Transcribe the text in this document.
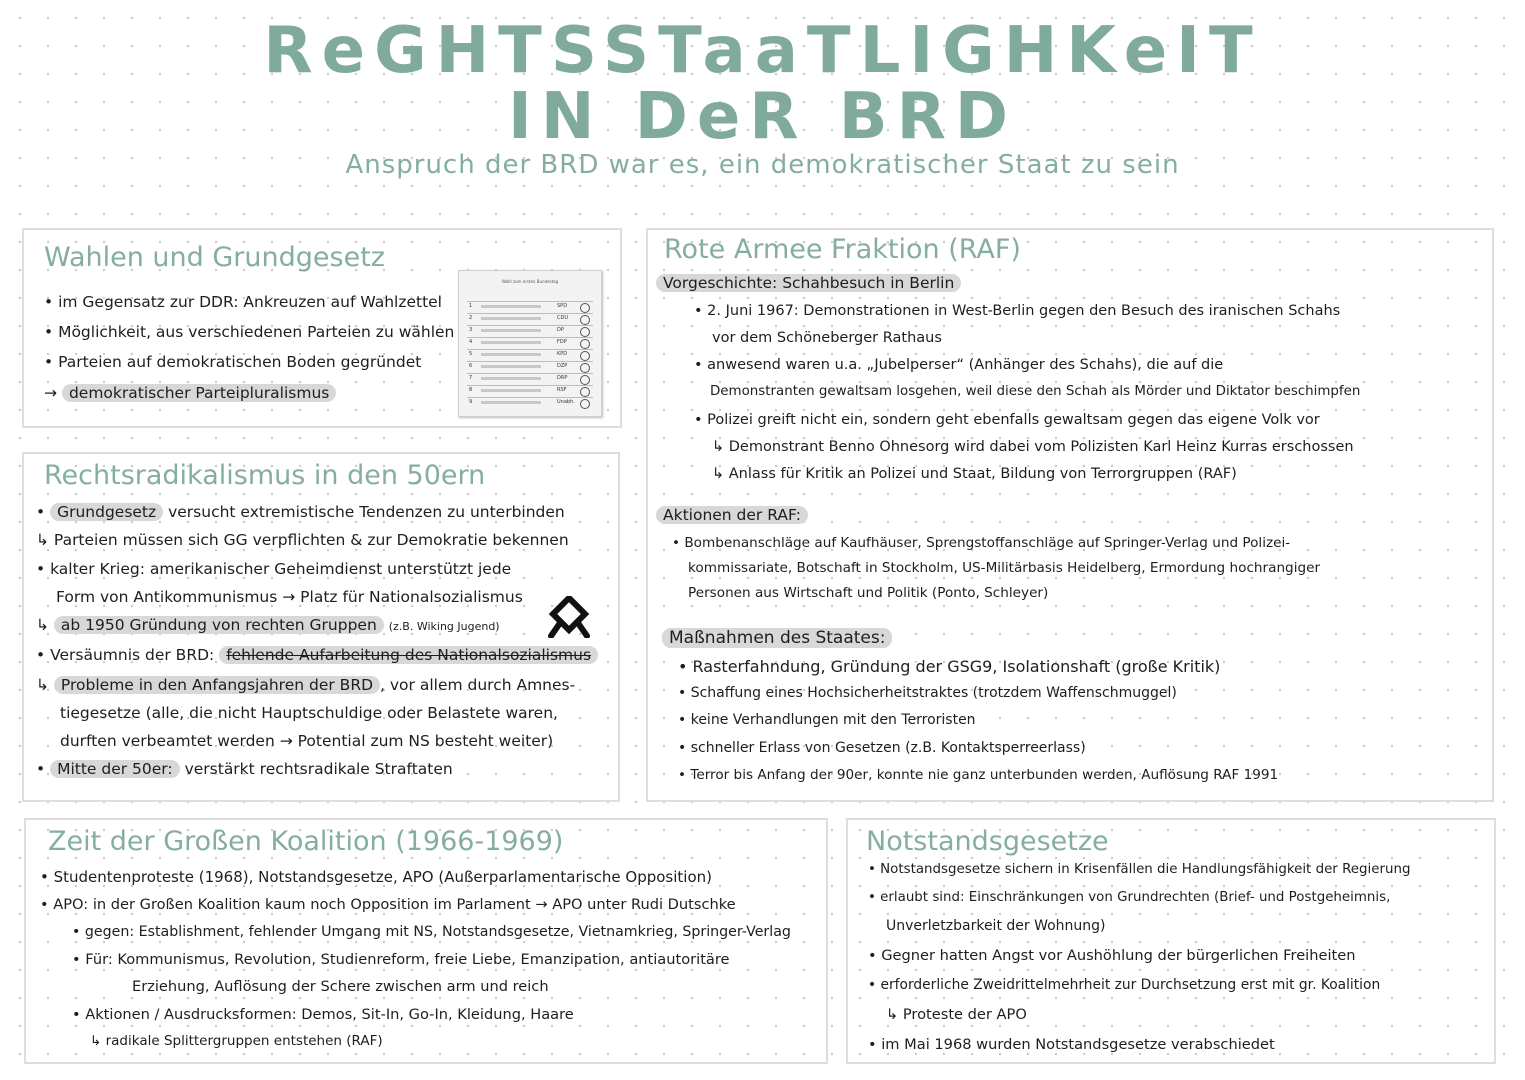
ReGHTSSTaaTLIGHKeIT
IN DeR BRD
Anspruch der BRD war es, ein demokratischer Staat zu sein
Wahlen und Grundgesetz
• im Gegensatz zur DDR: Ankreuzen auf Wahlzettel
• Möglichkeit, aus verschiedenen Parteien zu wählen
• Parteien auf demokratischen Boden gegründet
→ demokratischer Parteipluralismus
Wahl zum ersten Bundestag
1	SPD
2	CDU
3	DP
4	FDP
5	KPD
6	DZP
7	DRP
8	RSF
9	Unabh.
Rechtsradikalismus in den 50ern
• Grundgesetz versucht extremistische Tendenzen zu unterbinden
↳ Parteien müssen sich GG verpflichten & zur Demokratie bekennen
• kalter Krieg: amerikanischer Geheimdienst unterstützt jede
Form von Antikommunismus → Platz für Nationalsozialismus
↳ ab 1950 Gründung von rechten Gruppen (z.B. Wiking Jugend)
• Versäumnis der BRD: fehlende Aufarbeitung des Nationalsozialismus
↳ Probleme in den Anfangsjahren der BRD , vor allem durch Amnes-
tiegesetze (alle, die nicht Hauptschuldige oder Belastete waren,
durften verbeamtet werden → Potential zum NS besteht weiter)
• Mitte der 50er: verstärkt rechtsradikale Straftaten
Rote Armee Fraktion (RAF)
Vorgeschichte: Schahbesuch in Berlin
• 2. Juni 1967: Demonstrationen in West-Berlin gegen den Besuch des iranischen Schahs
vor dem Schöneberger Rathaus
• anwesend waren u.a. „Jubelperser“ (Anhänger des Schahs), die auf die
Demonstranten gewaltsam losgehen, weil diese den Schah als Mörder und Diktator beschimpfen
• Polizei greift nicht ein, sondern geht ebenfalls gewaltsam gegen das eigene Volk vor
↳ Demonstrant Benno Ohnesorg wird dabei vom Polizisten Karl Heinz Kurras erschossen
↳ Anlass für Kritik an Polizei und Staat, Bildung von Terrorgruppen (RAF)
Aktionen der RAF:
• Bombenanschläge auf Kaufhäuser, Sprengstoffanschläge auf Springer-Verlag und Polizei-
kommissariate, Botschaft in Stockholm, US-Militärbasis Heidelberg, Ermordung hochrangiger
Personen aus Wirtschaft und Politik (Ponto, Schleyer)
Maßnahmen des Staates:
• Rasterfahndung, Gründung der GSG9, Isolationshaft (große Kritik)
• Schaffung eines Hochsicherheitstraktes (trotzdem Waffenschmuggel)
• keine Verhandlungen mit den Terroristen
• schneller Erlass von Gesetzen (z.B. Kontaktsperreerlass)
• Terror bis Anfang der 90er, konnte nie ganz unterbunden werden, Auflösung RAF 1991
Zeit der Großen Koalition (1966-1969)
• Studentenproteste (1968), Notstandsgesetze, APO (Außerparlamentarische Opposition)
• APO: in der Großen Koalition kaum noch Opposition im Parlament → APO unter Rudi Dutschke
• gegen: Establishment, fehlender Umgang mit NS, Notstandsgesetze, Vietnamkrieg, Springer-Verlag
• Für: Kommunismus, Revolution, Studienreform, freie Liebe, Emanzipation, antiautoritäre
Erziehung, Auflösung der Schere zwischen arm und reich
• Aktionen / Ausdrucksformen: Demos, Sit-In, Go-In, Kleidung, Haare
↳ radikale Splittergruppen entstehen (RAF)
Notstandsgesetze
• Notstandsgesetze sichern in Krisenfällen die Handlungsfähigkeit der Regierung
• erlaubt sind: Einschränkungen von Grundrechten (Brief- und Postgeheimnis,
Unverletzbarkeit der Wohnung)
• Gegner hatten Angst vor Aushöhlung der bürgerlichen Freiheiten
• erforderliche Zweidrittelmehrheit zur Durchsetzung erst mit gr. Koalition
↳ Proteste der APO
• im Mai 1968 wurden Notstandsgesetze verabschiedet
